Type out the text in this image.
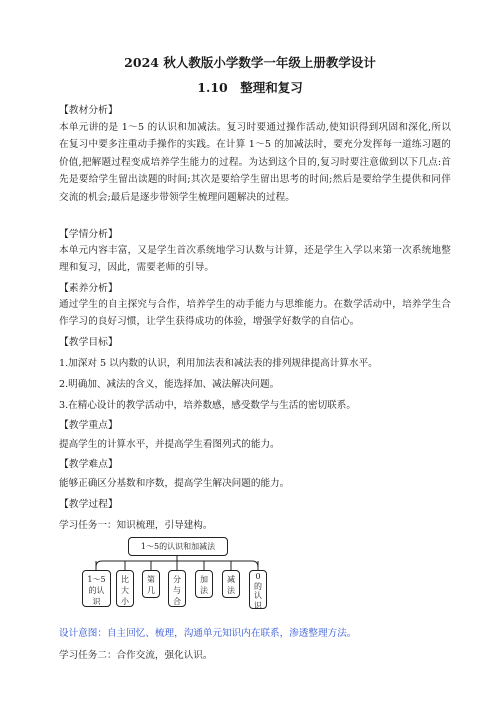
2024 秋人教版小学数学一年级上册教学设计
1.10　整理和复习
【教材分析】
本单元讲的是 1～5 的认识和加减法。复习时要通过操作活动,使知识得到巩固和深化,所以在复习中要多注重动手操作的实践。在计算 1～5 的加减法时，要充分发挥每一道练习题的价值,把解题过程变成培养学生能力的过程。为达到这个目的,复习时要注意做到以下几点:首先是要给学生留出读题的时间;其次是要给学生留出思考的时间;然后是要给学生提供和同伴交流的机会;最后是逐步带领学生梳理问题解决的过程。
【学情分析】
本单元内容丰富，又是学生首次系统地学习认数与计算，还是学生入学以来第一次系统地整理和复习，因此，需要老师的引导。
【素养分析】
通过学生的自主探究与合作，培养学生的动手能力与思维能力。在数学活动中，培养学生合作学习的良好习惯，让学生获得成功的体验，增强学好数学的自信心。
【教学目标】
1.加深对 5 以内数的认识，利用加法表和减法表的排列规律提高计算水平。
2.明确加、减法的含义，能选择加、减法解决问题。
3.在精心设计的教学活动中，培养数感，感受数学与生活的密切联系。
【教学重点】
提高学生的计算水平，并提高学生看图列式的能力。
【教学难点】
能够正确区分基数和序数，提高学生解决问题的能力。
【教学过程】
学习任务一：知识梳理，引导建构。
1～5的认识和加减法
1～5
的认
识
比
大
小
第
几
分
与
合
加
法
减
法
0
的
认
识
设计意图：自主回忆、梳理，沟通单元知识内在联系，渗透整理方法。
学习任务二：合作交流，强化认识。
